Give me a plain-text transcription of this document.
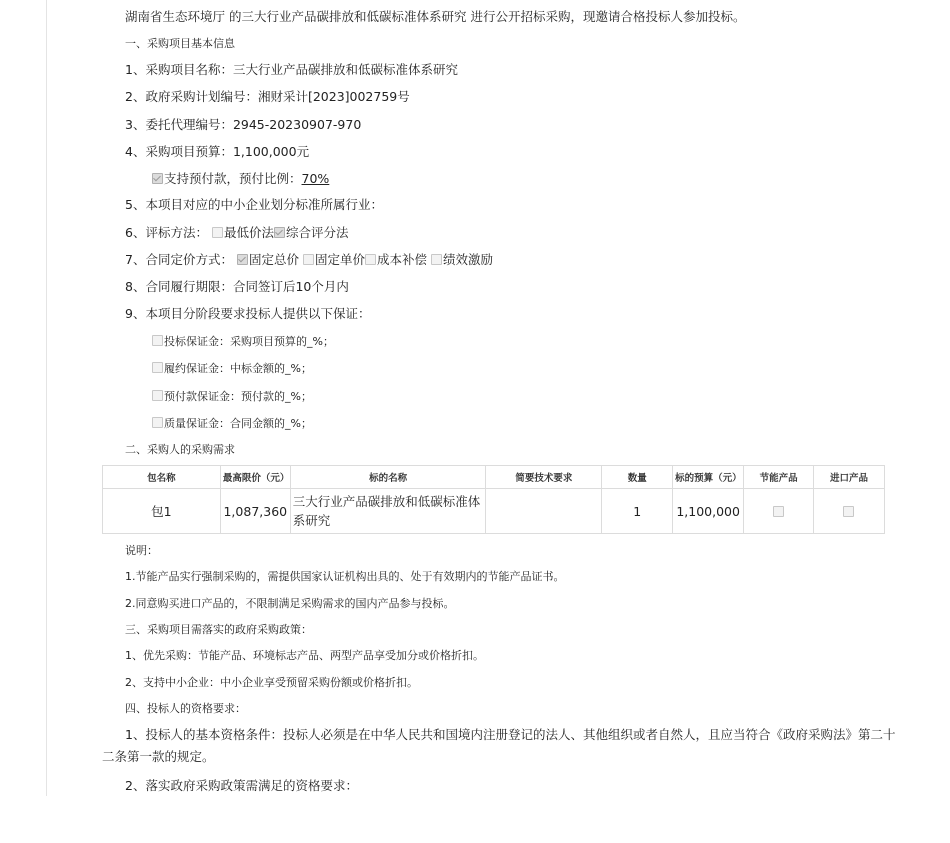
湖南省生态环境厅 的三大行业产品碳排放和低碳标准体系研究 进行公开招标采购，现邀请合格投标人参加投标。
一、采购项目基本信息
1、采购项目名称：三大行业产品碳排放和低碳标准体系研究
2、政府采购计划编号：湘财采计[2023]002759号
3、委托代理编号：2945-20230907-970
4、采购项目预算：1,100,000元
支持预付款，预付比例：70%
5、本项目对应的中小企业划分标准所属行业：
6、评标方法： 最低价法 综合评分法
7、合同定价方式： 固定总价 固定单价 成本补偿 绩效激励
8、合同履行期限：合同签订后10个月内
9、本项目分阶段要求投标人提供以下保证：
投标保证金：采购项目预算的_%；
履约保证金：中标金额的_%；
预付款保证金：预付款的_%；
质量保证金：合同金额的_%；
二、采购人的采购需求
包名称	最高限价（元）	标的名称	简要技术要求	数量	标的预算（元）	节能产品	进口产品
包1	1,087,360	三大行业产品碳排放和低碳标准体系研究		1	1,100,000		
说明：
1.节能产品实行强制采购的，需提供国家认证机构出具的、处于有效期内的节能产品证书。
2.同意购买进口产品的，不限制满足采购需求的国内产品参与投标。
三、采购项目需落实的政府采购政策：
1、优先采购：节能产品、环境标志产品、两型产品享受加分或价格折扣。
2、支持中小企业：中小企业享受预留采购份额或价格折扣。
四、投标人的资格要求：
1、投标人的基本资格条件：投标人必须是在中华人民共和国境内注册登记的法人、其他组织或者自然人，且应当符合《政府采购法》第二十二条第一款的规定。
2、落实政府采购政策需满足的资格要求：
